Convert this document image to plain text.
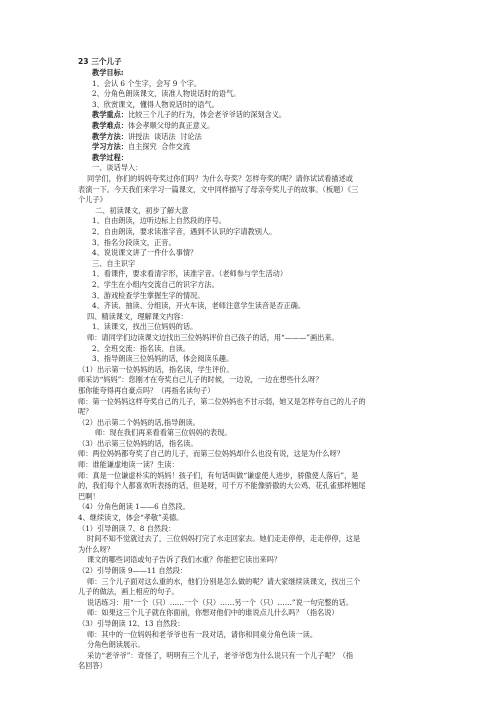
23 三个儿子
教学目标:
1、会认 6 个生字，会写 9 个字。
2、分角色朗读课文，读准人物说话时的语气。
3、欣赏课文，懂得人物说话时的语气。
教学重点：比较三个儿子的行为，体会老爷爷话的深刻含义。
教学难点：体会孝顺父母的真正意义。
教学方法：讲授法  谈话法  讨论法
学习方法：自主探究  合作交流
教学过程：
一、谈话导入：
同学们，你们的妈妈夸奖过你们吗？为什么夸奖？怎样夸奖的呢？请你试试看描述或
表演一下。今天我们来学习一篇课文，文中同样描写了母亲夸奖儿子的故事。（板题）《三
个儿子》
二、初读课文，初步了解大意
1、自由朗读，边听边标上自然段的序号。
2、自由朗读，要求读准字音，遇到不认识的字请教别人。
3、指名分段读文，正音。
4、说说课文讲了一件什么事情？
三、自主识字
1、看课件，要求看清字形，读准字音。（老师参与学生活动）
2、学生在小组内交流自己的识字方法。
3、游戏检查学生掌握生字的情况。
4、齐读、抽读、分组读，开火车读，老师注意学生读音是否正确。
四、精读课文，理解课文内容：
1、读课文，找出三位妈妈的话。
师：请同学们边读课文边找出三位妈妈评价自己孩子的话，用“———”画出来。
2、全班交流：指名读、自读。
3、指导朗读三位妈妈的话，体会阅读乐趣。
（1）出示第一位妈妈的话，指名读，学生评价。
师采访“妈妈”：您刚才在夸奖自己儿子的时候，一边说，一边在想些什么呀？
那你能夸得再自豪点吗？（再指名读句子）
师：第一位妈妈这样夸奖自己的儿子，第二位妈妈也不甘示弱，她又是怎样夸自己的儿子的
呢？
（2）出示第二个妈妈的话,指导朗读。
师：现在我们再来看看第三位妈妈的表现。
（3）出示第三位妈妈的话，指名读。
师：两位妈妈都夸奖了自己的儿子，而第三位妈妈却什么也没有说，这是为什么呀？
师：谁能谦虚地读一读？生读：
师：真是一位谦虚朴实的妈妈！孩子们，有句话叫做“谦虚使人进步，骄傲使人落后”，是
的，我们每个人都喜欢听表扬的话，但是呀，可千万不能像骄傲的大公鸡、花孔雀那样翘尾
巴啊！
（4）分角色朗读 1——6 自然段。
4、继续读文，体会“孝敬”美德。
（1）引导朗读 7、8 自然段：
时间不知不觉就过去了，三位妈妈打完了水走回家去。她们走走停停，走走停停，这是
为什么呀？
课文的哪些词语或句子告诉了我们水重？你能把它读出来吗？
（2）引导朗读 9——11 自然段：
师：三个儿子面对这么重的水，他们分别是怎么做的呢？请大家继续读课文，找出三个
儿子的做法，画上相应的句子。
说话练习：用“一个（只）……一个（只）……另一个（只）……”说一句完整的话。
师：如果这三个儿子就在你面前，你想对他们中的谁说点儿什么吗？（指名说）
（3）引导朗读 12、13 自然段：
师：其中的一位妈妈和老爷爷也有一段对话，请你和同桌分角色读一读。
分角色朗读展示。
采访“老爷爷”：奇怪了，明明有三个儿子，老爷爷您为什么说只有一个儿子呢？（指
名回答）
